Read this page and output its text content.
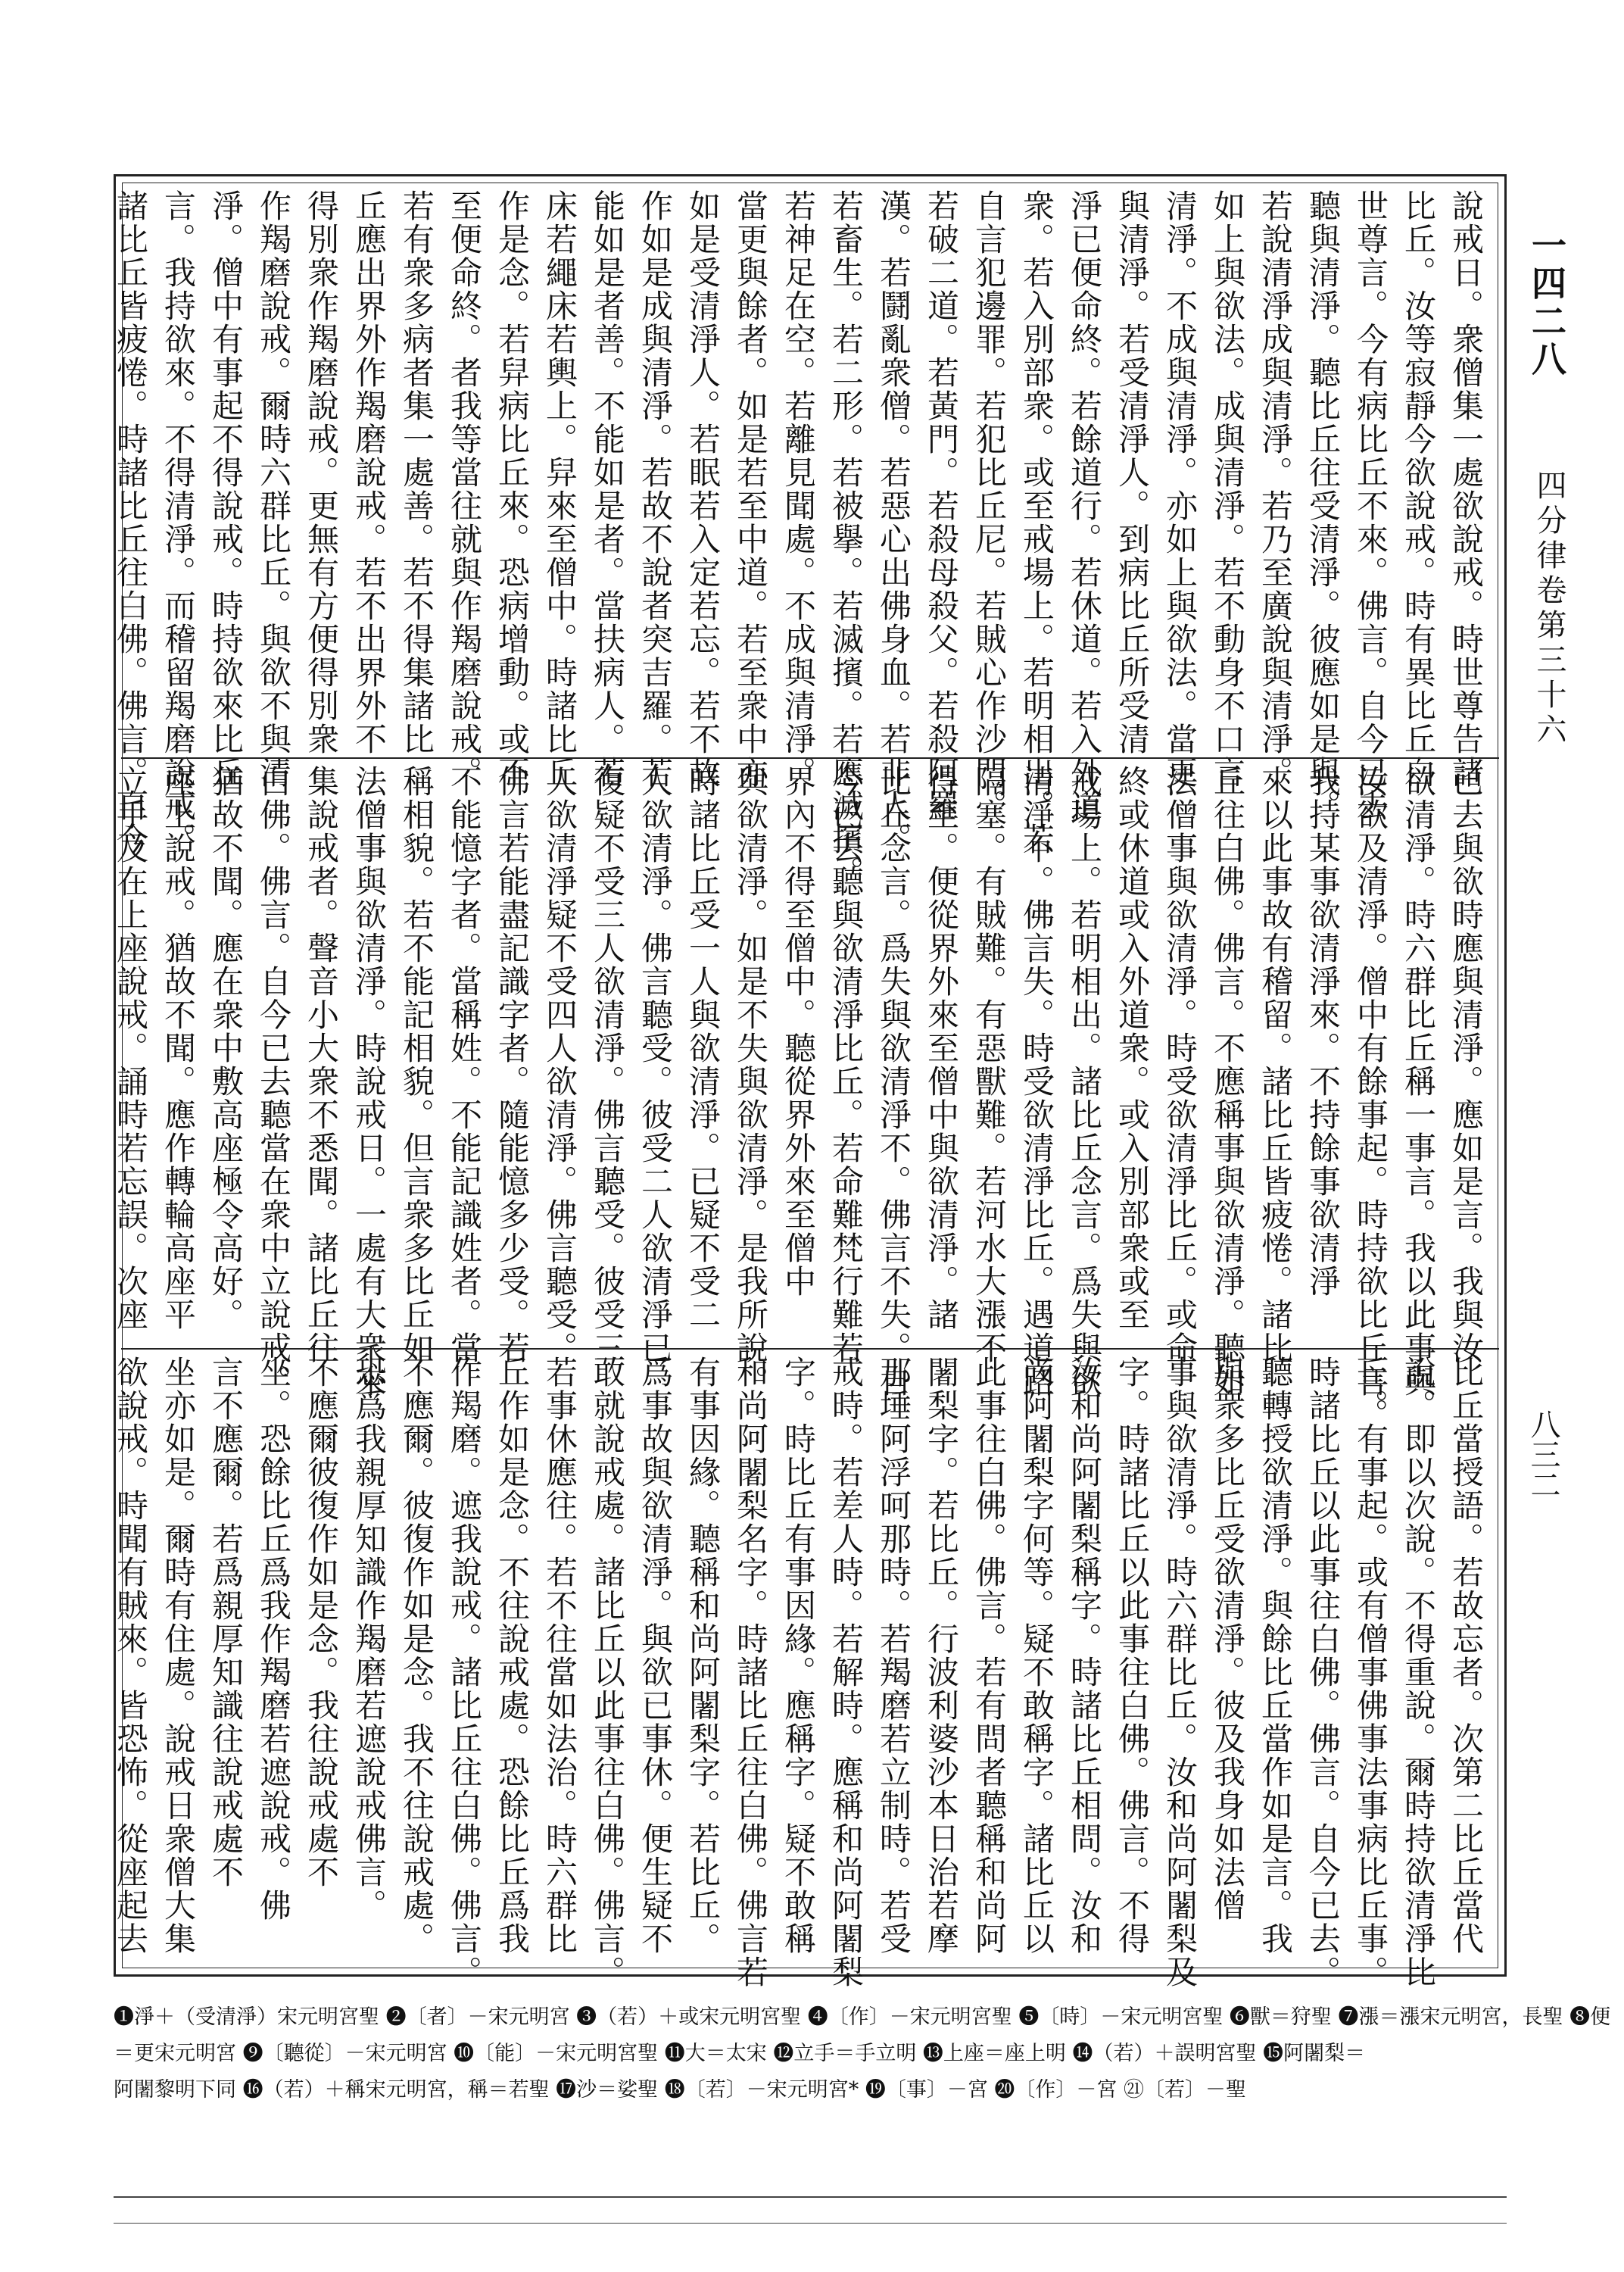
一四二八
四分律卷第三十六
八三二
說戒日。衆僧集一處欲說戒。時世尊告諸
比丘。汝等寂靜今欲說戒。時有異比丘白
世尊言。今有病比丘不來。佛言。自今已去
聽與清淨。聽比丘往受清淨。彼應如是與。
若說清淨成與清淨。若乃至廣說與清淨。
如上與欲法。成與清淨。若不動身不口言
清淨。不成與清淨。亦如上與欲法。當更
與清淨。若受清淨人。到病比丘所受清
淨已便命終。若餘道行。若休道。若入外道
衆。若入別部衆。或至戒場上。若明相出。若
自言犯邊罪。若犯比丘尼。若賊心作沙門。
若破二道。若黃門。若殺母殺父。若殺阿羅
漢。若鬪亂衆僧。若惡心出佛身血。若非人。
若畜生。若二形。若被擧。若滅擯。若應滅擯。
若神足在空。若離見聞處。不成與清淨。
當更與餘者。如是若至中道。若至衆中亦
如是受清淨人。若眠若入定若忘。若不故
作如是成與清淨。若故不說者突吉羅。若
能如是者善。不能如是者。當扶病人。若
床若繩床若輿上。舁來至僧中。時諸比丘
作是念。若舁病比丘來。恐病增動。或不
至便命終。者我等當往就與作羯磨說戒。
若有衆多病者集一處善。若不得集諸比
丘應出界外作羯磨說戒。若不出界外不
得別衆作羯磨說戒。更無有方便得別衆
作羯磨說戒。爾時六群比丘。與欲不與清
淨。僧中有事起不得說戒。時持欲來比丘
言。我持欲來。不得清淨。而稽留羯磨說戒。
諸比丘皆疲惓。時諸比丘往白佛。佛言。自今
已去與欲時應與清淨。應如是言。我與汝
欲清淨。時六群比丘稱一事言。我以此事與
汝欲及清淨。僧中有餘事起。時持欲比丘言。
我持某事欲清淨來。不持餘事欲清淨
來以此事故有稽留。諸比丘皆疲惓。諸比
丘往白佛。佛言。不應稱事與欲清淨。聽如
法僧事與欲清淨。時受欲清淨比丘。或命
終或休道或入外道衆。或入別部衆或至
戒場上。若明相出。諸比丘念言。爲失與欲
清淨不。佛言失。時受欲清淨比丘。遇道路
隔塞。有賊難。有惡獸難。若河水大漲不
得至。便從界外來至僧中與欲清淨。諸
比丘念言。爲失與欲清淨不。佛言不失。自
今已去聽與欲清淨比丘。若命難梵行難若
界內不得至僧中。聽從界外來至僧中
與欲清淨。如是不失與欲清淨。是我所說。
時諸比丘受一人與欲清淨。已疑不受二
人欲清淨。佛言聽受。彼受二人欲清淨已
復疑不受三人欲清淨。佛言聽受。彼受三
人欲清淨疑不受四人欲清淨。佛言聽受。
佛言若能盡記識字者。隨能憶多少受。若
不能憶字者。當稱姓。不能記識姓者。當
稱相貌。若不能記相貌。但言衆多比丘如
法僧事與欲清淨。時說戒日。一處有大衆來
集說戒者。聲音小大衆不悉聞。諸比丘往
白佛。佛言。自今已去聽當在衆中立說戒。
猶故不聞。應在衆中敷高座極令高好。
座上說戒。猶故不聞。應作轉輪高座平
立手及在上座說戒。誦時若忘誤。次座
比丘當授語。若故忘者。次第二比丘當代
說。即以次說。不得重說。爾時持欲清淨比
丘。有事起。或有僧事佛事法事病比丘事。
時諸比丘以此事往白佛。佛言。自今已去。
聽轉授欲清淨。與餘比丘當作如是言。我
與衆多比丘受欲清淨。彼及我身如法僧
事與欲清淨。時六群比丘。汝和尚阿闍梨及
字。時諸比丘以此事往白佛。佛言。不得
汝和尚阿闍梨稱字。時諸比丘相問。汝和
尚阿闍梨字何等。疑不敢稱字。諸比丘以
此事往白佛。佛言。若有問者聽稱和尚阿
闍梨字。若比丘。行波利婆沙本日治若摩
那埵阿浮呵那時。若羯磨若立制時。若受
戒時。若差人時。若解時。應稱和尚阿闍梨
字。時比丘有事因緣。應稱字。疑不敢稱
和尚阿闍梨名字。時諸比丘往白佛。佛言若
有事因緣。聽稱和尚阿闍梨字。若比丘。
爲事故與欲清淨。與欲已事休。便生疑不
敢就說戒處。諸比丘以此事往白佛。佛言。
若事休應往。若不往當如法治。時六群比
丘作如是念。不往說戒處。恐餘比丘爲我
作羯磨。遮我說戒。諸比丘往白佛。佛言。
不應爾。彼復作如是念。我不往說戒處。
恐爲我親厚知識作羯磨若遮說戒佛言。
不應爾彼復作如是念。我往說戒處不
坐。恐餘比丘爲我作羯磨若遮說戒。佛
言不應爾。若爲親厚知識往說戒處不
坐亦如是。爾時有住處。說戒日衆僧大集
欲說戒。時聞有賊來。皆恐怖。從座起去
❶淨＋（受清淨）宋元明宮聖 ❷〔者〕－宋元明宮 ❸（若）＋或宋元明宮聖 ❹〔作〕－宋元明宮聖 ❺〔時〕－宋元明宮聖 ❻獸＝狩聖 ❼漲＝漲宋元明宮，長聖 ❽便
＝更宋元明宮 ❾〔聽從〕－宋元明宮 ❿〔能〕－宋元明宮聖 ⓫大＝太宋 ⓬立手＝手立明 ⓭上座＝座上明 ⓮（若）＋誤明宮聖 ⓯阿闍梨＝
阿闍黎明下同 ⓰（若）＋稱宋元明宮，稱＝若聖 ⓱沙＝娑聖 ⓲〔若〕－宋元明宮* ⓳〔事〕－宮 ⓴〔作〕－宮 ㉑〔若〕－聖
